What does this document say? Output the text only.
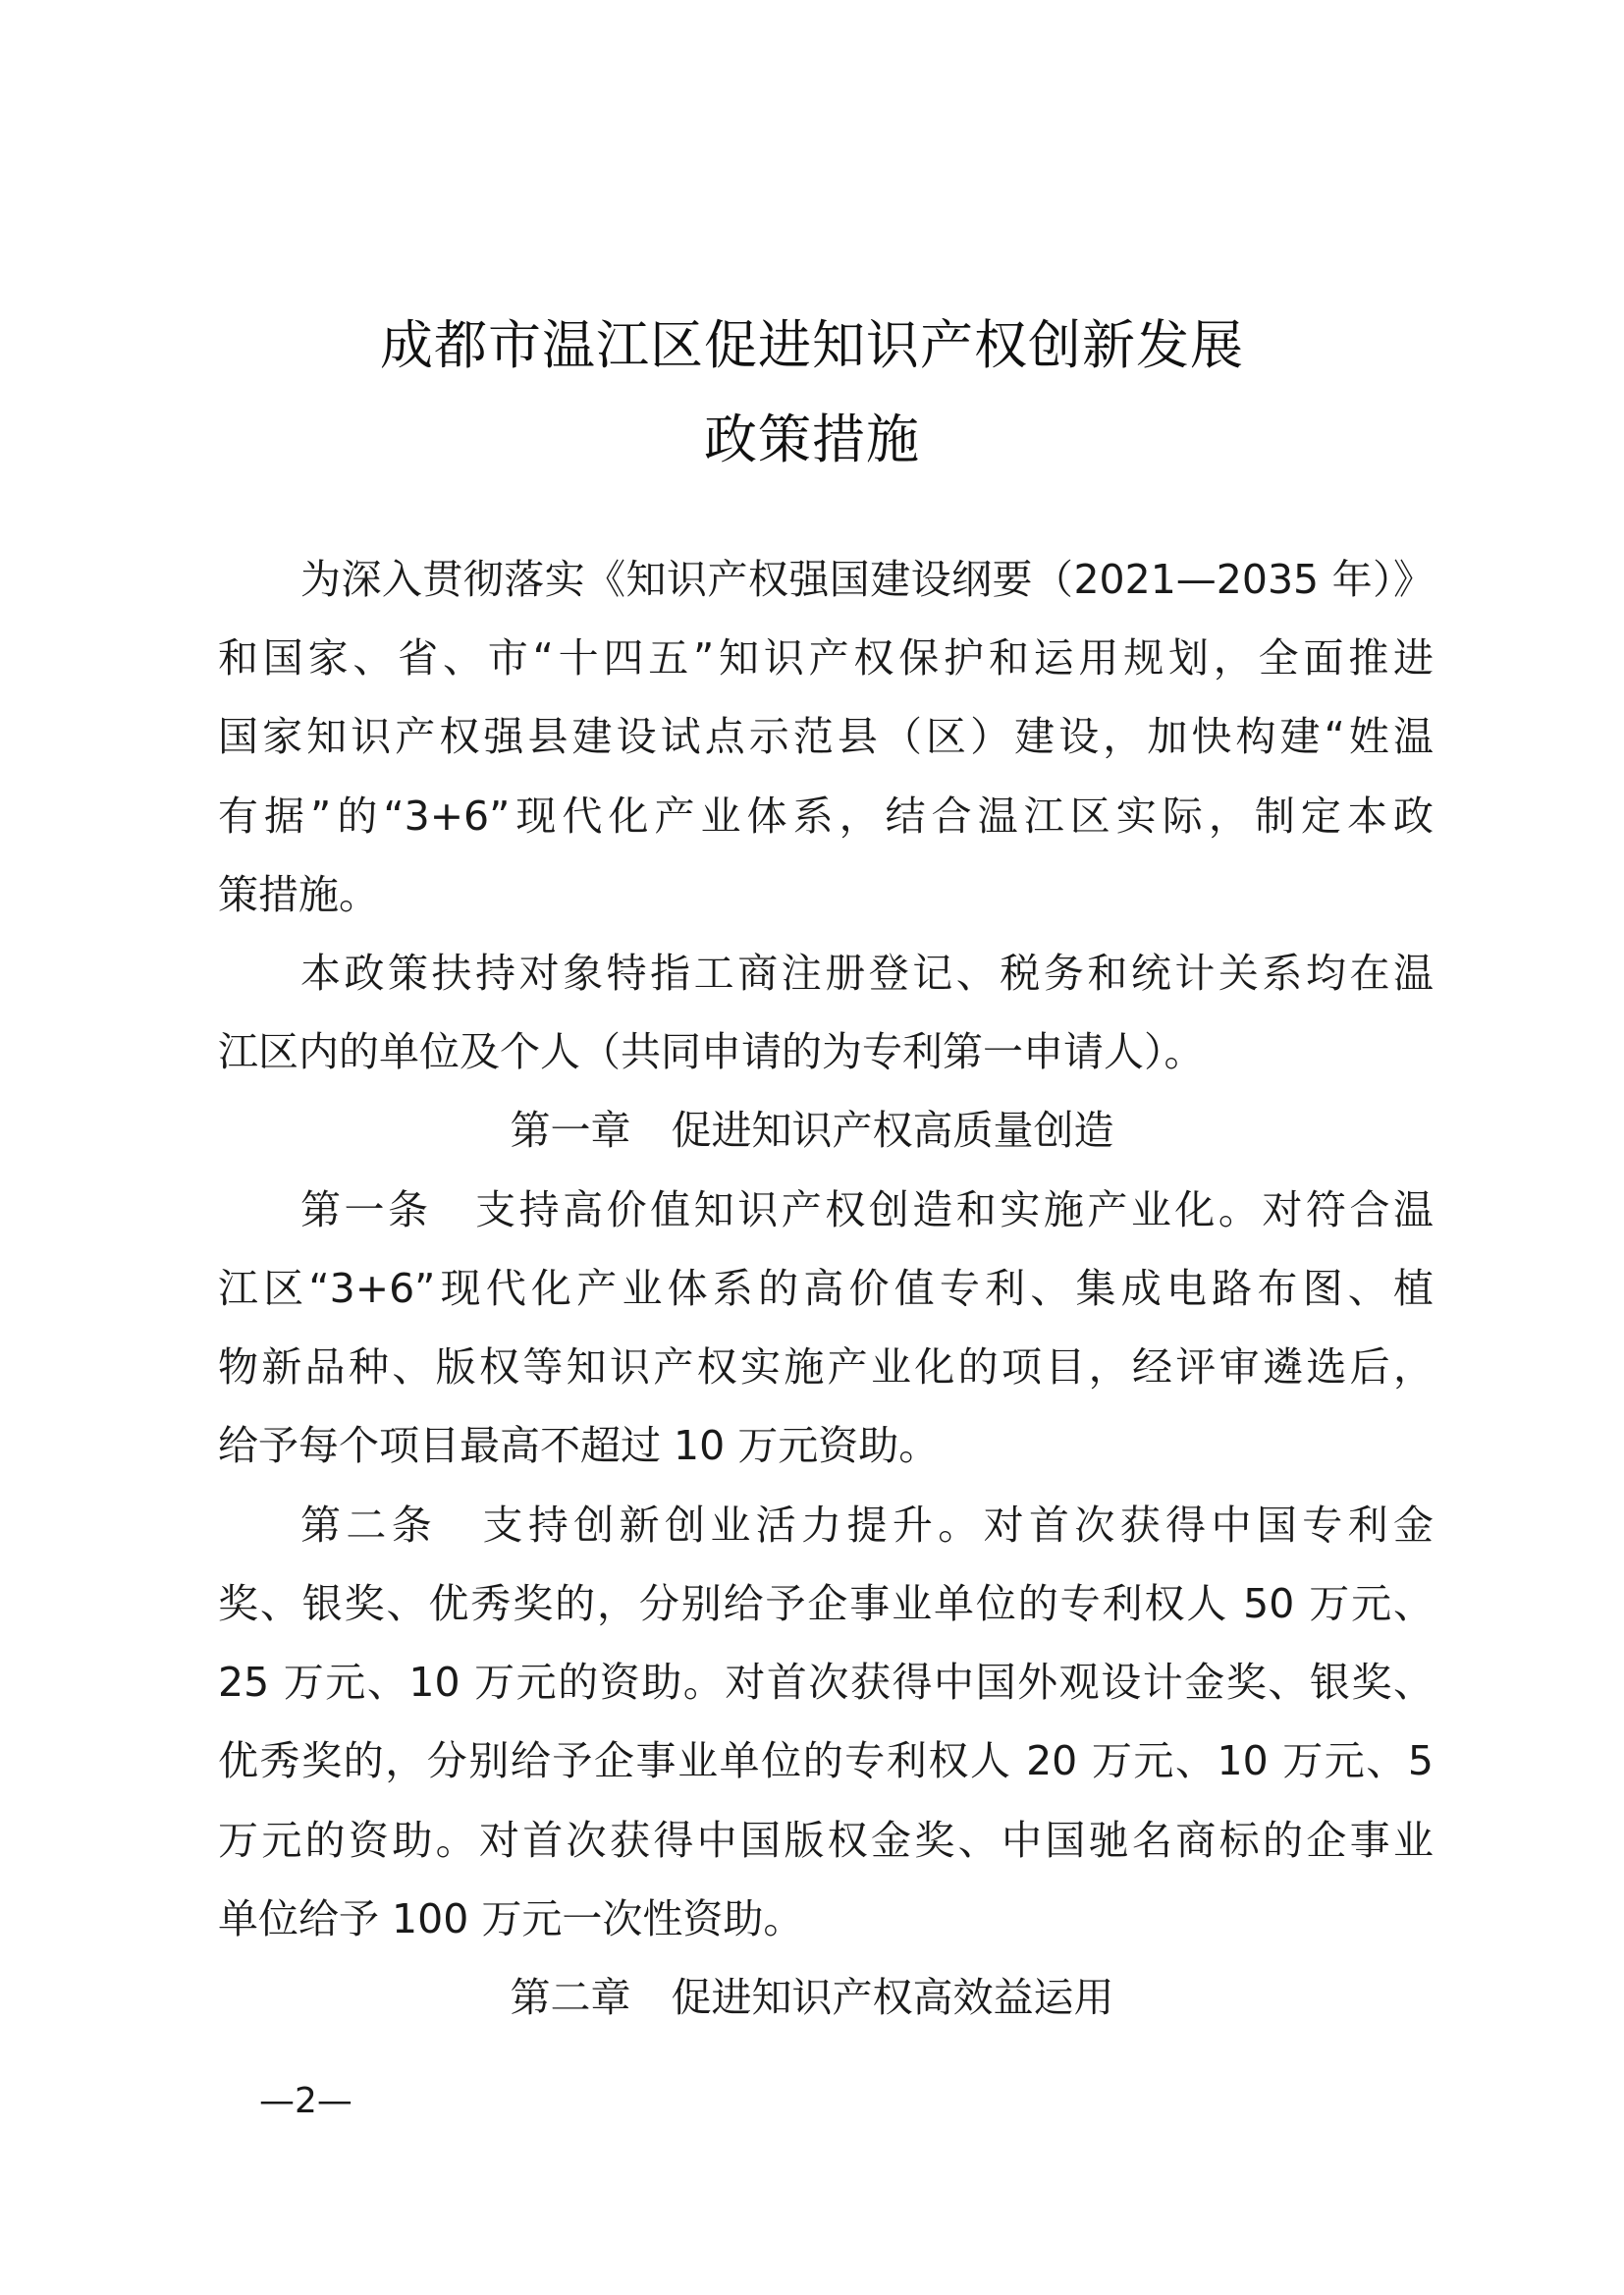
成都市温江区促进知识产权创新发展
政策措施
为深入贯彻落实《知识产权强国建设纲要（2021—2035 年）》
和国家、省、市“十四五”知识产权保护和运用规划，全面推进
国家知识产权强县建设试点示范县（区）建设，加快构建“姓温
有据”的“3+6”现代化产业体系，结合温江区实际，制定本政
策措施。
本政策扶持对象特指工商注册登记、税务和统计关系均在温
江区内的单位及个人（共同申请的为专利第一申请人）。
第一章　促进知识产权高质量创造
第一条　支持高价值知识产权创造和实施产业化。对符合温
江区“3+6”现代化产业体系的高价值专利、集成电路布图、植
物新品种、版权等知识产权实施产业化的项目，经评审遴选后，
给予每个项目最高不超过 10 万元资助。
第二条　支持创新创业活力提升。对首次获得中国专利金
奖、银奖、优秀奖的，分别给予企事业单位的专利权人 50 万元、
25 万元、10 万元的资助。对首次获得中国外观设计金奖、银奖、
优秀奖的，分别给予企事业单位的专利权人 20 万元、10 万元、5
万元的资助。对首次获得中国版权金奖、中国驰名商标的企事业
单位给予 100 万元一次性资助。
第二章　促进知识产权高效益运用
—2—
